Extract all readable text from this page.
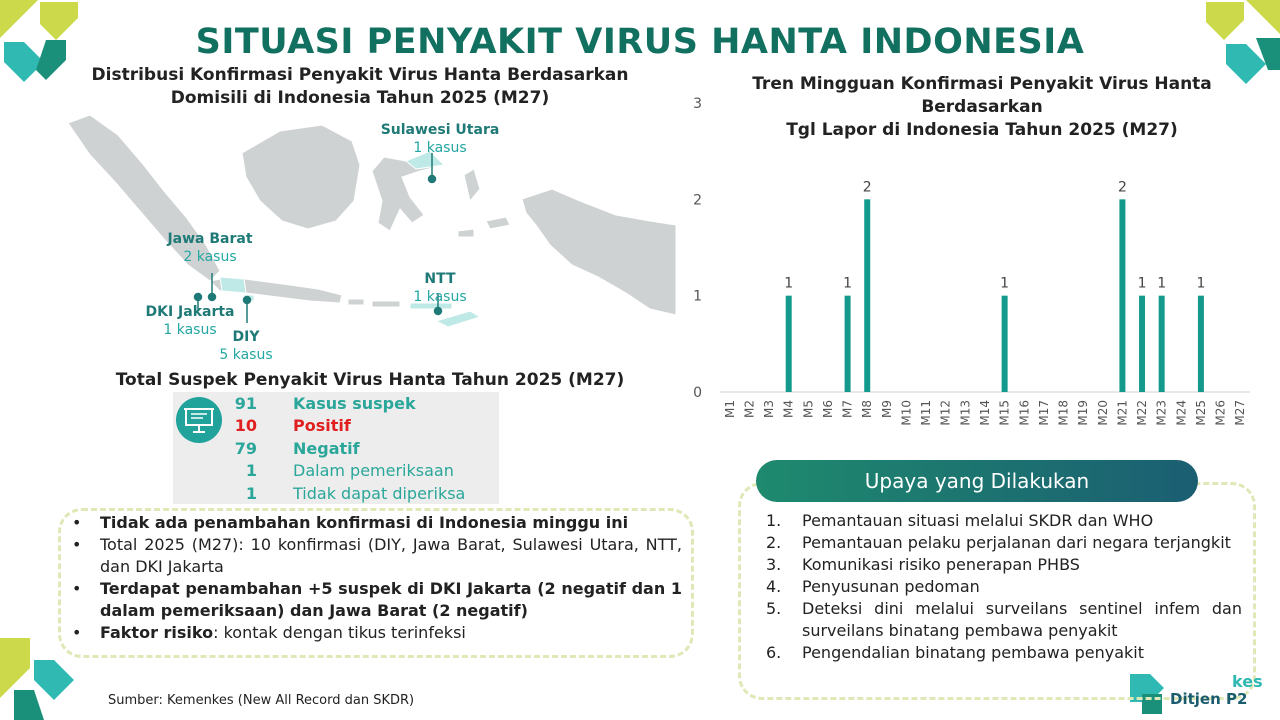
SITUASI PENYAKIT VIRUS HANTA INDONESIA
Distribusi Konfirmasi Penyakit Virus Hanta Berdasarkan
Domisili di Indonesia Tahun 2025 (M27)
Sulawesi Utara
1 kasus
Jawa Barat
2 kasus
NTT
1 kasus
DKI Jakarta
1 kasus	DIY
5 kasus
Total Suspek Penyakit Virus Hanta Tahun 2025 (M27)
91 Kasus suspek
10 Positif
79 Negatif
1 Dalam pemeriksaan
1 Tidak dapat diperiksa
• Tidak ada penambahan konfirmasi di Indonesia minggu ini
• Total 2025 (M27): 10 konfirmasi (DIY, Jawa Barat, Sulawesi Utara, NTT, dan DKI Jakarta
• Terdapat penambahan +5 suspek di DKI Jakarta (2 negatif dan 1 dalam pemeriksaan) dan Jawa Barat (2 negatif)
• Faktor risiko: kontak dengan tikus terinfeksi
Tren Mingguan Konfirmasi Penyakit Virus Hanta Berdasarkan
Tgl Lapor di Indonesia Tahun 2025 (M27)
0
1
2
3
M1 M2 M3
1
M4 M5 M6
1
M7
2
M8 M9 M10 M11 M12 M13 M14
1
M15 M16 M17 M18 M19 M20
2
M21
1
M22
1
M23 M24
1
M25 M26 M27
Upaya yang Dilakukan
1. Pemantauan situasi melalui SKDR dan WHO
2. Pemantauan pelaku perjalanan dari negara terjangkit
3. Komunikasi risiko penerapan PHBS
4. Penyusunan pedoman
5. Deteksi dini melalui surveilans sentinel infem dan surveilans binatang pembawa penyakit
6. Pengendalian binatang pembawa penyakit
Sumber: Kemenkes (New All Record dan SKDR)
kes
Ditjen P2
